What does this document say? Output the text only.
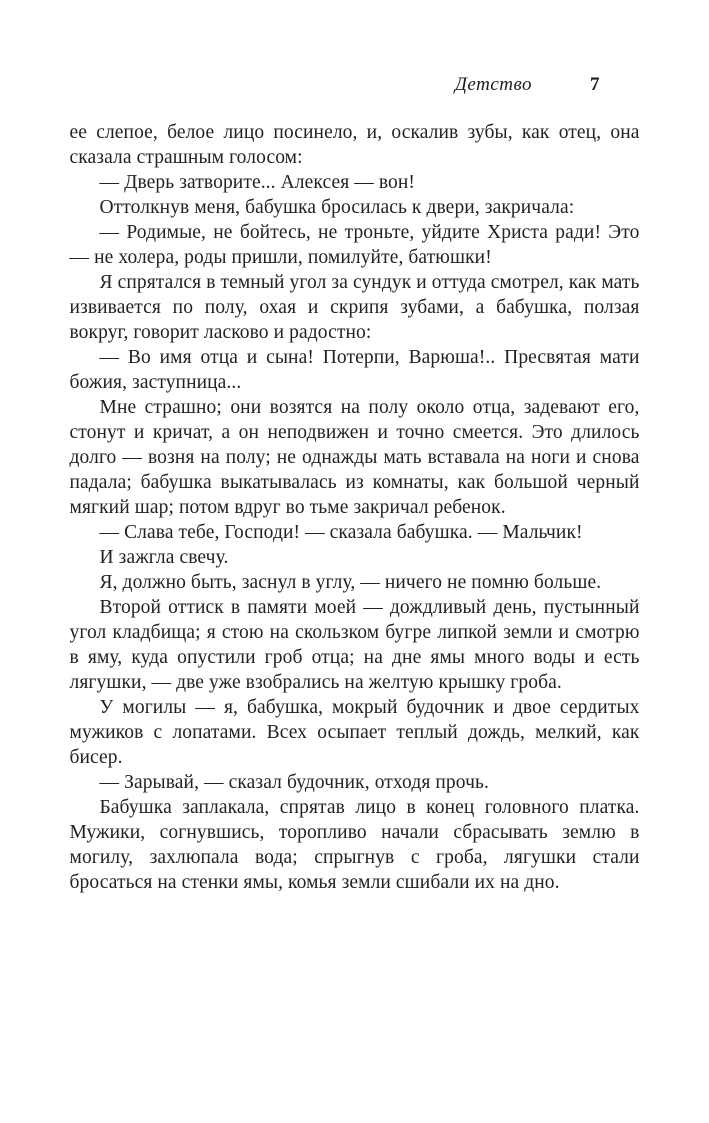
Детство	7

ее слепое, белое лицо посинело, и, оскалив зубы, как отец, она сказала страшным голосом:

— Дверь затворите... Алексея — вон!

Оттолкнув меня, бабушка бросилась к двери, закричала:

— Родимые, не бойтесь, не троньте, уйдите Христа ради! Это — не холера, роды пришли, помилуйте, батюшки!

Я спрятался в темный угол за сундук и оттуда смотрел, как мать извивается по полу, охая и скрипя зубами, а бабушка, ползая вокруг, говорит ласково и радостно:

— Во имя отца и сына! Потерпи, Варюша!.. Пресвятая мати божия, заступница...

Мне страшно; они возятся на полу около отца, задевают его, стонут и кричат, а он неподвижен и точно смеется. Это длилось долго — возня на полу; не однажды мать вставала на ноги и снова падала; бабушка выкатывалась из комнаты, как большой черный мягкий шар; потом вдруг во тьме закричал ребенок.

— Слава тебе, Господи! — сказала бабушка. — Мальчик!

И зажгла свечу.

Я, должно быть, заснул в углу, — ничего не помню больше.

Второй оттиск в памяти моей — дождливый день, пустынный угол кладбища; я стою на скользком бугре липкой земли и смотрю в яму, куда опустили гроб отца; на дне ямы много воды и есть лягушки, — две уже взобрались на желтую крышку гроба.

У могилы — я, бабушка, мокрый будочник и двое сердитых мужиков с лопатами. Всех осыпает теплый дождь, мелкий, как бисер.

— Зарывай, — сказал будочник, отходя прочь.

Бабушка заплакала, спрятав лицо в конец головного платка. Мужики, согнувшись, торопливо начали сбрасывать землю в могилу, захлюпала вода; спрыгнув с гроба, лягушки стали бросаться на стенки ямы, комья земли сшибали их на дно.
